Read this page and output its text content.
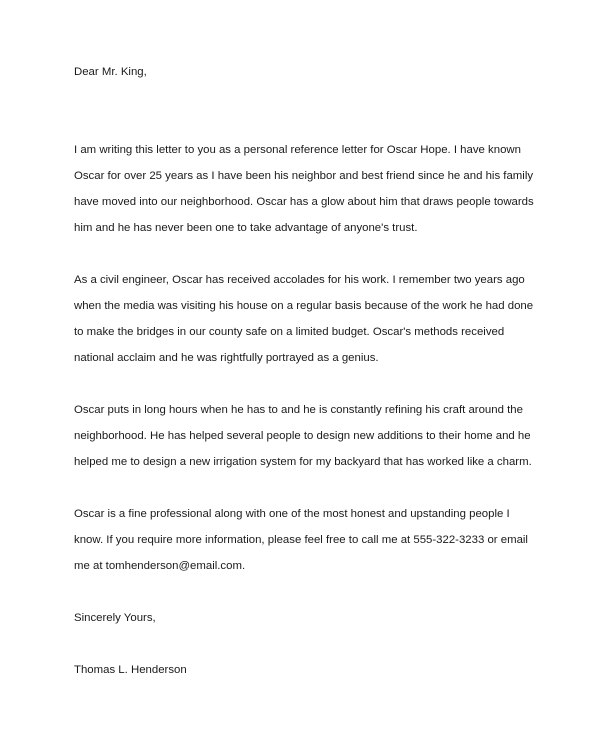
Dear Mr. King,

I am writing this letter to you as a personal reference letter for Oscar Hope. I have known
Oscar for over 25 years as I have been his neighbor and best friend since he and his family
have moved into our neighborhood. Oscar has a glow about him that draws people towards
him and he has never been one to take advantage of anyone's trust.

As a civil engineer, Oscar has received accolades for his work. I remember two years ago
when the media was visiting his house on a regular basis because of the work he had done
to make the bridges in our county safe on a limited budget. Oscar's methods received
national acclaim and he was rightfully portrayed as a genius.

Oscar puts in long hours when he has to and he is constantly refining his craft around the
neighborhood. He has helped several people to design new additions to their home and he
helped me to design a new irrigation system for my backyard that has worked like a charm.

Oscar is a fine professional along with one of the most honest and upstanding people I
know. If you require more information, please feel free to call me at 555-322-3233 or email
me at tomhenderson@email.com.

Sincerely Yours,

Thomas L. Henderson
